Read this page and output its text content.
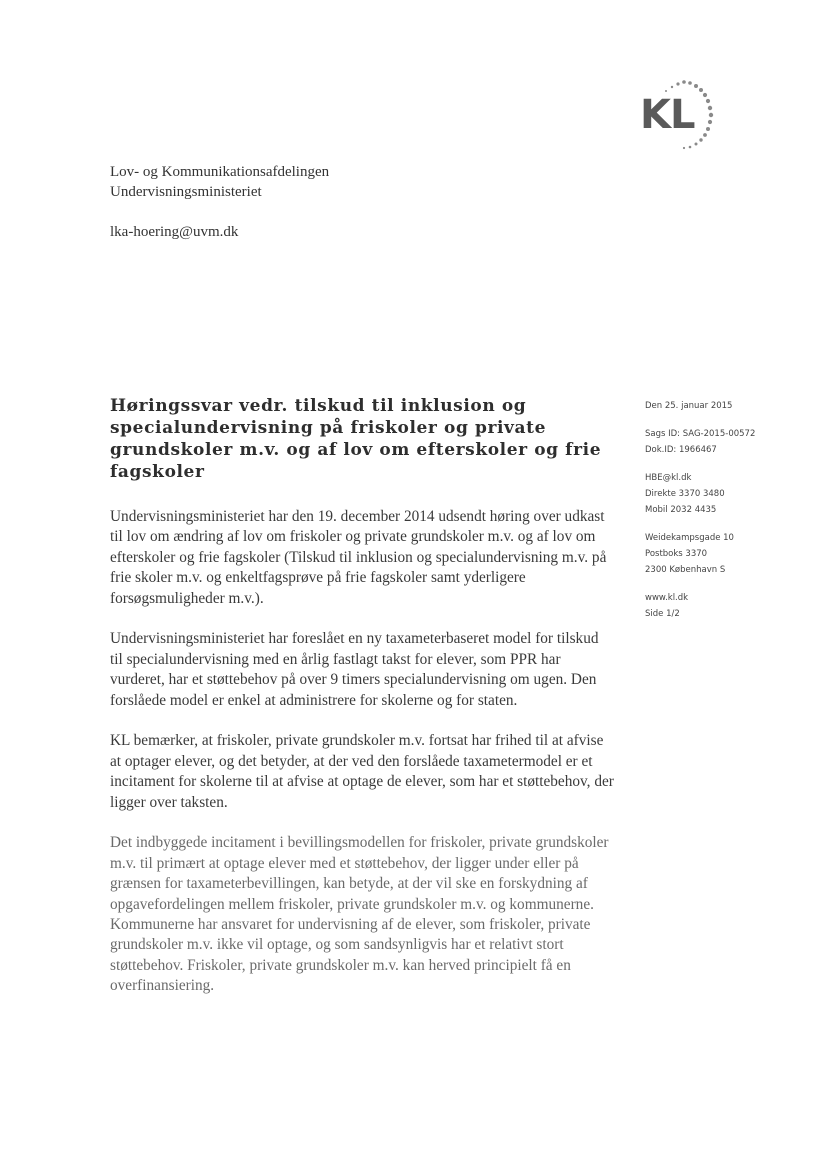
KL
Lov- og Kommunikationsafdelingen
Undervisningsministeriet
lka-hoering@uvm.dk
Høringssvar vedr. tilskud til inklusion og specialundervisning på friskoler og private grundskoler m.v. og af lov om efterskoler og frie fagskoler
Den 25. januar 2015
Sags ID: SAG-2015-00572
Dok.ID: 1966467
HBE@kl.dk
Direkte 3370 3480
Mobil 2032 4435
Weidekampsgade 10
Postboks 3370
2300 København S
www.kl.dk
Side 1/2

Undervisningsministeriet har den 19. december 2014 udsendt høring over udkast til lov om ændring af lov om friskoler og private grundskoler m.v. og af lov om efterskoler og frie fagskoler (Tilskud til inklusion og specialundervisning m.v. på frie skoler m.v. og enkeltfagsprøve på frie fagskoler samt yderligere forsøgsmuligheder m.v.).

Undervisningsministeriet har foreslået en ny taxameterbaseret model for tilskud til specialundervisning med en årlig fastlagt takst for elever, som PPR har vurderet, har et støttebehov på over 9 timers specialundervisning om ugen. Den forslåede model er enkel at administrere for skolerne og for staten.

KL bemærker, at friskoler, private grundskoler m.v. fortsat har frihed til at afvise at optager elever, og det betyder, at der ved den forslåede taxametermodel er et incitament for skolerne til at afvise at optage de elever, som har et støttebehov, der ligger over taksten.

Det indbyggede incitament i bevillingsmodellen for friskoler, private grundskoler m.v. til primært at optage elever med et støttebehov, der ligger under eller på grænsen for taxameterbevillingen, kan betyde, at der vil ske en forskydning af opgavefordelingen mellem friskoler, private grundskoler m.v. og kommunerne. Kommunerne har ansvaret for undervisning af de elever, som friskoler, private grundskoler m.v. ikke vil optage, og som sandsynligvis har et relativt stort støttebehov. Friskoler, private grundskoler m.v. kan herved principielt få en overfinansiering.
